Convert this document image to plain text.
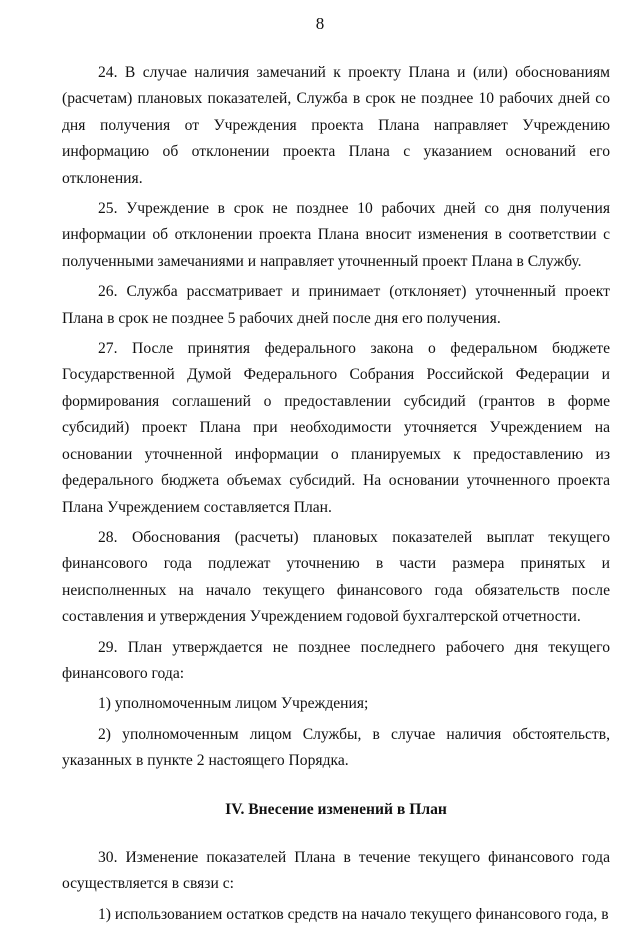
8

24. В случае наличия замечаний к проекту Плана и (или) обоснованиям (расчетам) плановых показателей, Служба в срок не позднее 10 рабочих дней со дня получения от Учреждения проекта Плана направляет Учреждению информацию об отклонении проекта Плана с указанием оснований его отклонения.

25. Учреждение в срок не позднее 10 рабочих дней со дня получения информации об отклонении проекта Плана вносит изменения в соответствии с полученными замечаниями и направляет уточненный проект Плана в Службу.

26. Служба рассматривает и принимает (отклоняет) уточненный проект Плана в срок не позднее 5 рабочих дней после дня его получения.

27. После принятия федерального закона о федеральном бюджете Государственной Думой Федерального Собрания Российской Федерации и формирования соглашений о предоставлении субсидий (грантов в форме субсидий) проект Плана при необходимости уточняется Учреждением на основании уточненной информации о планируемых к предоставлению из федерального бюджета объемах субсидий. На основании уточненного проекта Плана Учреждением составляется План.

28. Обоснования (расчеты) плановых показателей выплат текущего финансового года подлежат уточнению в части размера принятых и неисполненных на начало текущего финансового года обязательств после составления и утверждения Учреждением годовой бухгалтерской отчетности.

29. План утверждается не позднее последнего рабочего дня текущего финансового года:

1) уполномоченным лицом Учреждения;

2) уполномоченным лицом Службы, в случае наличия обстоятельств, указанных в пункте 2 настоящего Порядка.

IV. Внесение изменений в План

30. Изменение показателей Плана в течение текущего финансового года осуществляется в связи с:

1) использованием остатков средств на начало текущего финансового года, в
